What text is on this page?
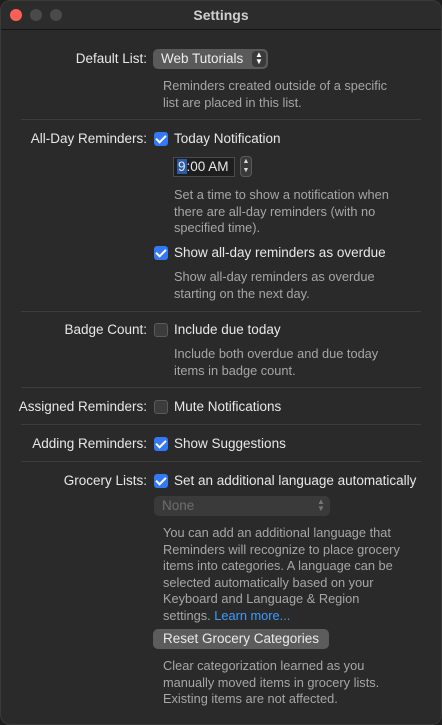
Settings
Default List:	Web Tutorials	▲
▼
Reminders created outside of a specific
list are placed in this list.
All-Day Reminders: Today Notification
9:00 AM	▲
▼
Set a time to show a notification when
there are all-day reminders (with no
specified time).
Show all-day reminders as overdue
Show all-day reminders as overdue
starting on the next day.
Badge Count: Include due today
Include both overdue and due today
items in badge count.
Assigned Reminders: Mute Notifications
Adding Reminders: Show Suggestions
Grocery Lists: Set an additional language automatically
None	▲
▼
You can add an additional language that
Reminders will recognize to place grocery
items into categories. A language can be
selected automatically based on your
Keyboard and Language & Region
settings. Learn more...
Reset Grocery Categories
Clear categorization learned as you
manually moved items in grocery lists.
Existing items are not affected.
